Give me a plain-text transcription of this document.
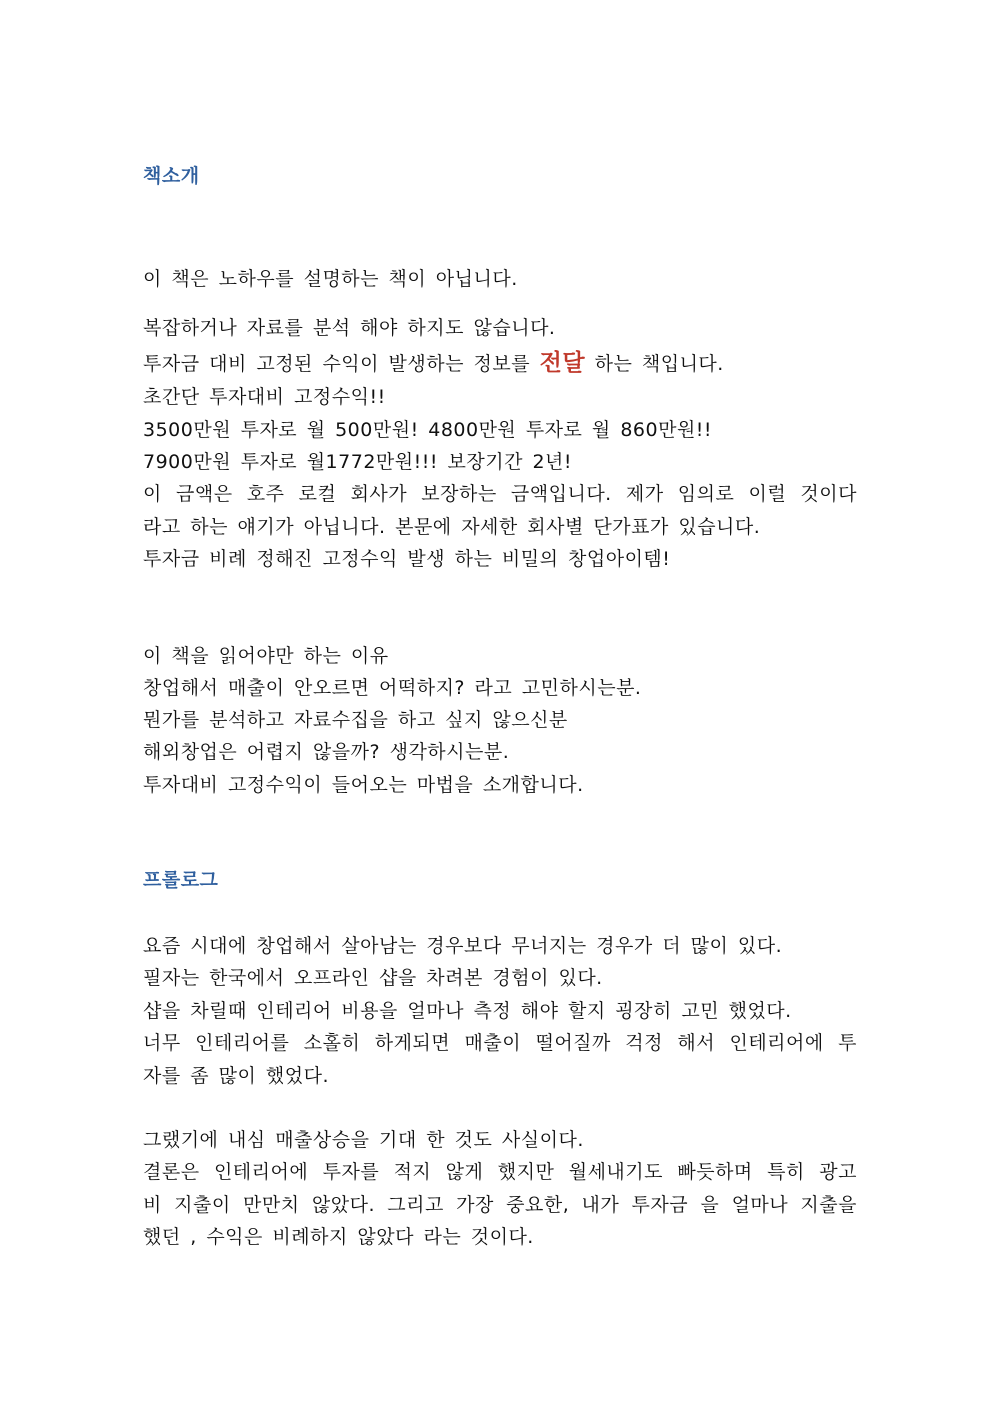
책소개
이 책은 노하우를 설명하는 책이 아닙니다.
복잡하거나 자료를 분석 해야 하지도 않습니다.
투자금 대비 고정된 수익이 발생하는 정보를 전달 하는 책입니다.
초간단 투자대비 고정수익!!
3500만원 투자로 월 500만원! 4800만원 투자로 월 860만원!!
7900만원 투자로 월1772만원!!! 보장기간 2년!
이 금액은 호주 로컬 회사가 보장하는 금액입니다. 제가 임의로 이럴 것이다
라고 하는 얘기가 아닙니다. 본문에 자세한 회사별 단가표가 있습니다.
투자금 비례 정해진 고정수익 발생 하는 비밀의 창업아이템!
이 책을 읽어야만 하는 이유
창업해서 매출이 안오르면 어떡하지? 라고 고민하시는분.
뭔가를 분석하고 자료수집을 하고 싶지 않으신분
해외창업은 어렵지 않을까? 생각하시는분.
투자대비 고정수익이 들어오는 마법을 소개합니다.
프롤로그
요즘 시대에 창업해서 살아남는 경우보다 무너지는 경우가 더 많이 있다.
필자는 한국에서 오프라인 샵을 차려본 경험이 있다.
샵을 차릴때 인테리어 비용을 얼마나 측정 해야 할지 굉장히 고민 했었다.
너무 인테리어를 소홀히 하게되면 매출이 떨어질까 걱정 해서 인테리어에 투
자를 좀 많이 했었다.
그랬기에 내심 매출상승을 기대 한 것도 사실이다.
결론은 인테리어에 투자를 적지 않게 했지만 월세내기도 빠듯하며 특히 광고
비 지출이 만만치 않았다. 그리고 가장 중요한, 내가 투자금 을 얼마나 지출을
했던 , 수익은 비례하지 않았다 라는 것이다.
